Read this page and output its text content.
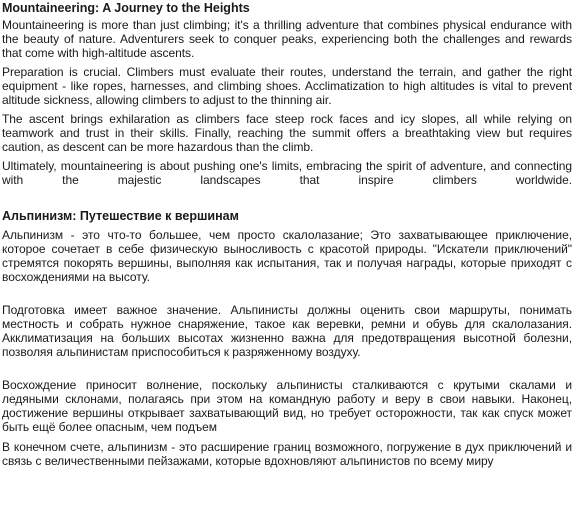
Mountaineering: A Journey to the Heights

Mountaineering is more than just climbing; it's a thrilling adventure that combines physical endurance with the beauty of nature. Adventurers seek to conquer peaks, experiencing both the challenges and rewards that come with high-altitude ascents.

Preparation is crucial. Climbers must evaluate their routes, understand the terrain, and gather the right equipment - like ropes, harnesses, and climbing shoes. Acclimatization to high altitudes is vital to prevent altitude sickness, allowing climbers to adjust to the thinning air.

The ascent brings exhilaration as climbers face steep rock faces and icy slopes, all while relying on teamwork and trust in their skills. Finally, reaching the summit offers a breathtaking view but requires caution, as descent can be more hazardous than the climb.

Ultimately, mountaineering is about pushing one's limits, embracing the spirit of adventure, and connecting with the majestic landscapes that inspire climbers worldwide.

Альпинизм: Путешествие к вершинам

Альпинизм - это что-то большее, чем просто скалолазание; Это захватывающее приключение, которое сочетает в себе физическую выносливость с красотой природы. "Искатели приключений" стремятся покорять вершины, выполняя как испытания, так и получая награды, которые приходят с восхождениями на высоту.

Подготовка имеет важное значение. Альпинисты должны оценить свои маршруты, понимать местность и собрать нужное снаряжение, такое как веревки, ремни и обувь для скалолазания. Акклиматизация на больших высотах жизненно важна для предотвращения высотной болезни, позволяя альпинистам приспособиться к разряженному воздуху.

Восхождение приносит волнение, поскольку альпинисты сталкиваются с крутыми скалами и ледяными склонами, полагаясь при этом на командную работу и веру в свои навыки. Наконец, достижение вершины открывает захватывающий вид, но требует осторожности, так как спуск может быть ещё более опасным, чем подъем

В конечном счете, альпинизм - это расширение границ возможного, погружение в дух приключений и связь с величественными пейзажами, которые вдохновляют альпинистов по всему миру
